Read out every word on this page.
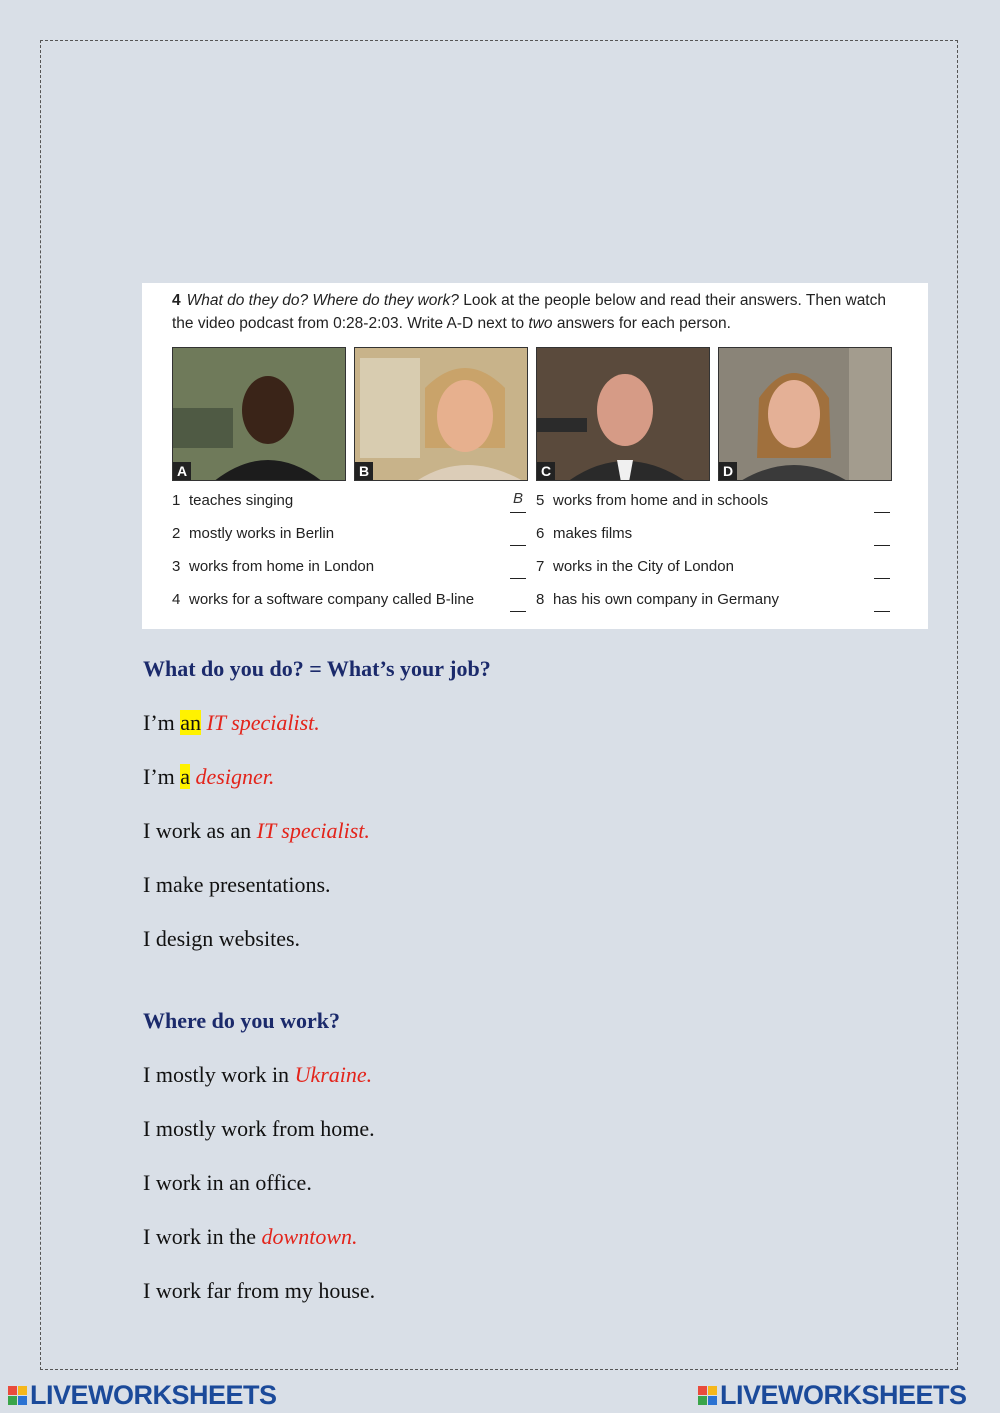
4 What do they do? Where do they work? Look at the people below and read their answers. Then watch the video podcast from 0:28-2:03. Write A-D next to two answers for each person.
A	B	C	D
1 teaches singing	B
2 mostly works in Berlin
3 works from home in London
4 works for a software company called B-line
5 works from home and in schools
6 makes films
7 works in the City of London
8 has his own company in Germany
What do you do? = What’s your job?
I’m an IT specialist.
I’m a designer.
I work as an IT specialist.
I make presentations.
I design websites.
Where do you work?
I mostly work in Ukraine.
I mostly work from home.
I work in an office.
I work in the downtown.
I work far from my house.
LIVEWORKSHEETS	LIVEWORKSHEETS
